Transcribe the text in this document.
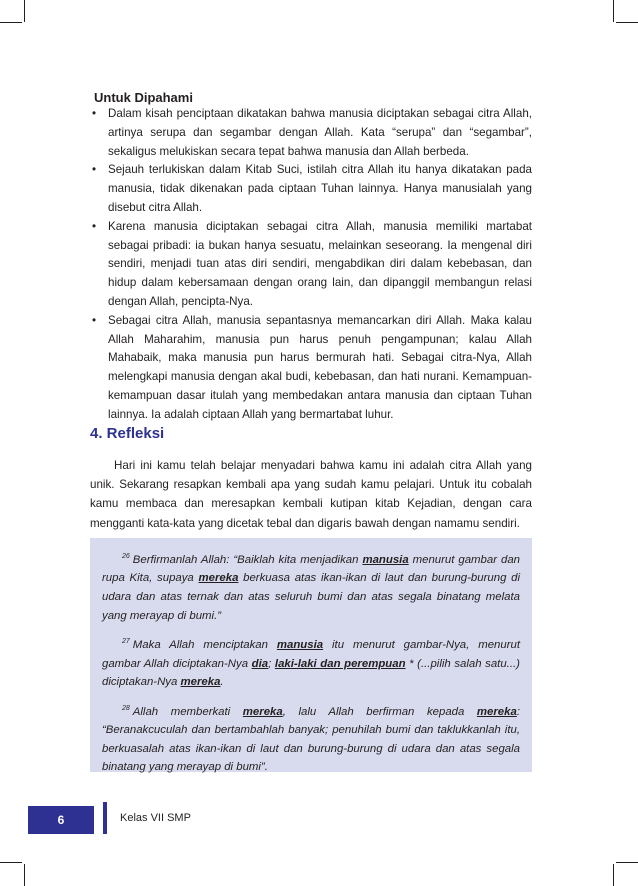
Untuk Dipahami
• Dalam kisah penciptaan dikatakan bahwa manusia diciptakan sebagai citra Allah, artinya serupa dan segambar dengan Allah. Kata “serupa” dan “segambar”, sekaligus melukiskan secara tepat bahwa manusia dan Allah berbeda.
• Sejauh terlukiskan dalam Kitab Suci, istilah citra Allah itu hanya dikatakan pada manusia, tidak dikenakan pada ciptaan Tuhan lainnya. Hanya manusialah yang disebut citra Allah.
• Karena manusia diciptakan sebagai citra Allah, manusia memiliki martabat sebagai pribadi: ia bukan hanya sesuatu, melainkan seseorang. Ia mengenal diri sendiri, menjadi tuan atas diri sendiri, mengabdikan diri dalam kebebasan, dan hidup dalam kebersamaan dengan orang lain, dan dipanggil membangun relasi dengan Allah, pencipta-Nya.
• Sebagai citra Allah, manusia sepantasnya memancarkan diri Allah. Maka kalau Allah Maharahim, manusia pun harus penuh pengampunan; kalau Allah Mahabaik, maka manusia pun harus bermurah hati. Sebagai citra-Nya, Allah melengkapi manusia dengan akal budi, kebebasan, dan hati nurani. Kemampuan-kemampuan dasar itulah yang membedakan antara manusia dan ciptaan Tuhan lainnya. Ia adalah ciptaan Allah yang bermartabat luhur.
4. Refleksi

Hari ini kamu telah belajar menyadari bahwa kamu ini adalah citra Allah yang unik. Sekarang resapkan kembali apa yang sudah kamu pelajari. Untuk itu cobalah kamu membaca dan meresapkan kembali kutipan kitab Kejadian, dengan cara mengganti kata-kata yang dicetak tebal dan digaris bawah dengan namamu sendiri.

$^{26}$ Berfirmanlah Allah: “Baiklah kita menjadikan manusia menurut gambar dan rupa Kita, supaya mereka berkuasa atas ikan-ikan di laut dan burung-burung di udara dan atas ternak dan atas seluruh bumi dan atas segala binatang melata yang merayap di bumi.”

$^{27}$ Maka Allah menciptakan manusia itu menurut gambar-Nya, menurut gambar Allah diciptakan-Nya dia; laki-laki dan perempuan * (...pilih salah satu...) diciptakan-Nya mereka.

$^{28}$ Allah memberkati mereka, lalu Allah berfirman kepada mereka: “Beranakcuculah dan bertambahlah banyak; penuhilah bumi dan taklukkanlah itu, berkuasalah atas ikan-ikan di laut dan burung-burung di udara dan atas segala binatang yang merayap di bumi”.

6	Kelas VII SMP
